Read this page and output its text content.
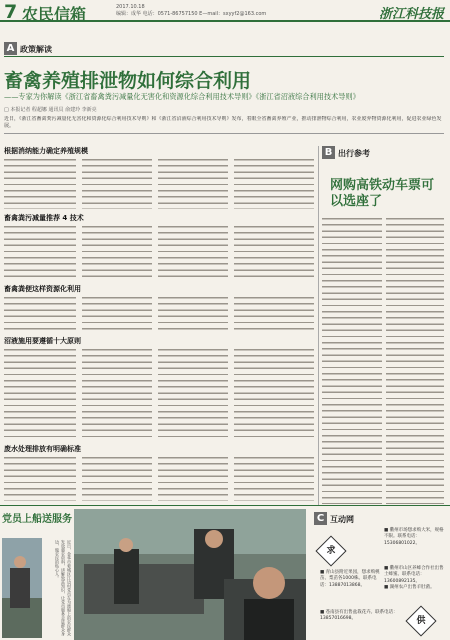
7 农民信箱	2017.10.18
编辑：成华 电话：0571-86757150 E—mail：sxyyf2@163.com	浙江科技报
A 政策解读
畜禽养殖排泄物如何综合利用
——专家为你解读《浙江省畜禽粪污减量化无害化和资源化综合利用技术导则》《浙江省沼液综合利用技术导则》
□ 本报记者 程超娜 通讯员 俞建玲 李新亮
近日，《浙江省畜禽粪污减量化无害化和资源化综合利用技术导则》和《浙江省沼液综合利用技术导则》发布，着眼全省畜禽养殖产业，推动排泄物综合利用，农业废弃物资源化利用，促进农业绿色发展。
根据消纳能力确定养殖规模
畜禽粪污减量推荐 4 技术
畜禽粪便这样资源化利用
沼液施用要遵循十大原则
废水处理排放有明确标准
B 出行参考
网购高铁动车票可以选座了
党员上船送服务
近日，金华市婺城区江边村党员在为渡船上的农民群众发放惠农资料，讲解致富知识，让党员服务走进群众身边，做农民的贴心人。
C 互动网
求
■ 青山县附近果园，想求购桃苗、梨苗各1000株。联系电话：13887013868。
■ 衢州市场想求购大米，规格不限。联系电话：15306801022。
供
■ 苍南县有出售盆栽花卉。联系电话：13857016698。
■ 衢州市山区养蜂合作社出售土蜂蜜。联系电话：13600892135。
■ 湖州农户出售羊肚菌。
